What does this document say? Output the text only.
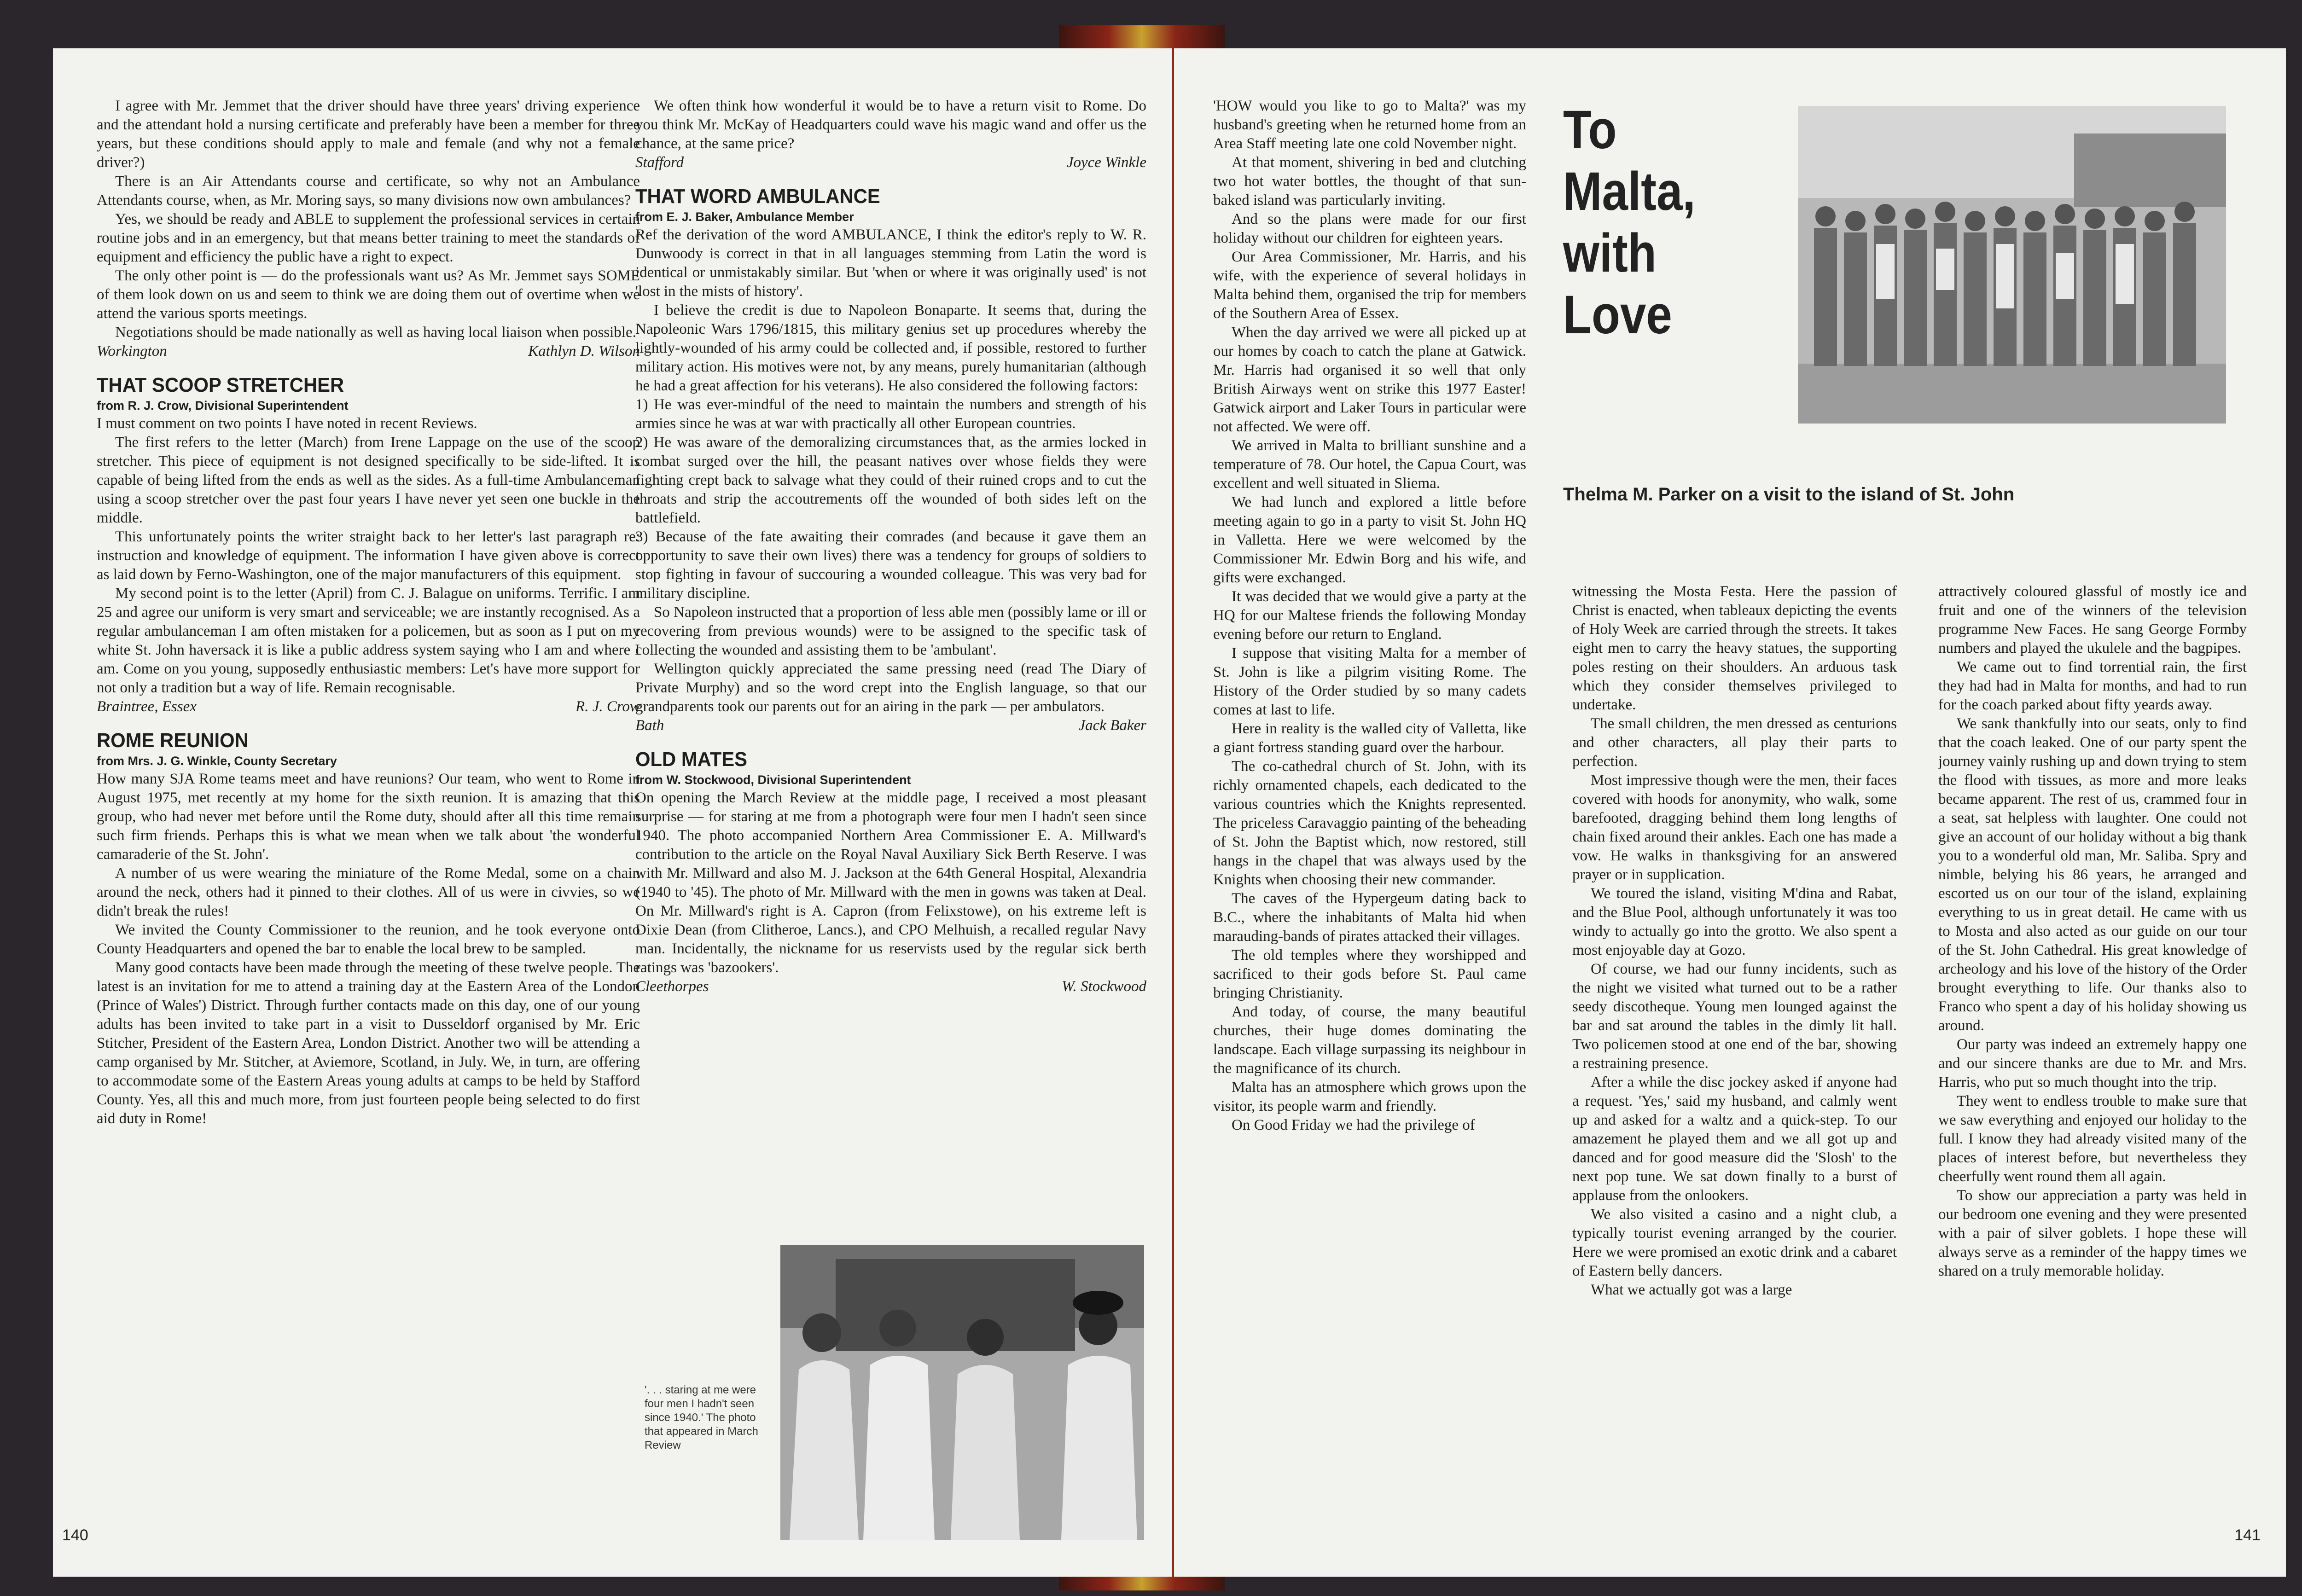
I agree with Mr. Jemmet that the driver should have three years' driving experience and the attendant hold a nursing certificate and preferably have been a member for three years, but these conditions should apply to male and female (and why not a female driver?)

There is an Air Attendants course and certificate, so why not an Ambulance Attendants course, when, as Mr. Moring says, so many divisions now own ambulances?

Yes, we should be ready and ABLE to supplement the professional services in certain routine jobs and in an emergency, but that means better training to meet the standards of equipment and efficiency the public have a right to expect.

The only other point is — do the professionals want us? As Mr. Jemmet says SOME of them look down on us and seem to think we are doing them out of overtime when we attend the various sports meetings.

Negotiations should be made nationally as well as having local liaison when possible.

Workington	Kathlyn D. Wilson
THAT SCOOP STRETCHER
from R. J. Crow, Divisional Superintendent

I must comment on two points I have noted in recent Reviews.

The first refers to the letter (March) from Irene Lappage on the use of the scoop stretcher. This piece of equipment is not designed specifically to be side-lifted. It is capable of being lifted from the ends as well as the sides. As a full-time Ambulanceman using a scoop stretcher over the past four years I have never yet seen one buckle in the middle.

This unfortunately points the writer straight back to her letter's last paragraph re: instruction and knowledge of equipment. The information I have given above is correct as laid down by Ferno-Washington, one of the major manufacturers of this equipment.

My second point is to the letter (April) from C. J. Balague on uniforms. Terrific. I am 25 and agree our uniform is very smart and serviceable; we are instantly recognised. As a regular ambulanceman I am often mistaken for a policemen, but as soon as I put on my white St. John haversack it is like a public address system saying who I am and where I am. Come on you young, supposedly enthusiastic members: Let's have more support for not only a tradition but a way of life. Remain recognisable.

Braintree, Essex	R. J. Crow
ROME REUNION
from Mrs. J. G. Winkle, County Secretary

How many SJA Rome teams meet and have reunions? Our team, who went to Rome in August 1975, met recently at my home for the sixth reunion. It is amazing that this group, who had never met before until the Rome duty, should after all this time remain such firm friends. Perhaps this is what we mean when we talk about 'the wonderful camaraderie of the St. John'.

A number of us were wearing the miniature of the Rome Medal, some on a chain around the neck, others had it pinned to their clothes. All of us were in civvies, so we didn't break the rules!

We invited the County Commissioner to the reunion, and he took everyone onto County Headquarters and opened the bar to enable the local brew to be sampled.

Many good contacts have been made through the meeting of these twelve people. The latest is an invitation for me to attend a training day at the Eastern Area of the London (Prince of Wales') District. Through further contacts made on this day, one of our young adults has been invited to take part in a visit to Dusseldorf organised by Mr. Eric Stitcher, President of the Eastern Area, London District. Another two will be attending a camp organised by Mr. Stitcher, at Aviemore, Scotland, in July. We, in turn, are offering to accommodate some of the Eastern Areas young adults at camps to be held by Stafford County. Yes, all this and much more, from just fourteen people being selected to do first aid duty in Rome!

We often think how wonderful it would be to have a return visit to Rome. Do you think Mr. McKay of Headquarters could wave his magic wand and offer us the chance, at the same price?

Stafford	Joyce Winkle
THAT WORD AMBULANCE
from E. J. Baker, Ambulance Member

Ref the derivation of the word AMBULANCE, I think the editor's reply to W. R. Dunwoody is correct in that in all languages stemming from Latin the word is identical or unmistakably similar. But 'when or where it was originally used' is not 'lost in the mists of history'.

I believe the credit is due to Napoleon Bonaparte. It seems that, during the Napoleonic Wars 1796/1815, this military genius set up procedures whereby the lightly-wounded of his army could be collected and, if possible, restored to further military action. His motives were not, by any means, purely humanitarian (although he had a great affection for his veterans). He also considered the following factors:

1) He was ever-mindful of the need to maintain the numbers and strength of his armies since he was at war with practically all other European countries.

2) He was aware of the demoralizing circumstances that, as the armies locked in combat surged over the hill, the peasant natives over whose fields they were fighting crept back to salvage what they could of their ruined crops and to cut the throats and strip the accoutrements off the wounded of both sides left on the battlefield.

3) Because of the fate awaiting their comrades (and because it gave them an opportunity to save their own lives) there was a tendency for groups of soldiers to stop fighting in favour of succouring a wounded colleague. This was very bad for military discipline.

So Napoleon instructed that a proportion of less able men (possibly lame or ill or recovering from previous wounds) were to be assigned to the specific task of collecting the wounded and assisting them to be 'ambulant'.

Wellington quickly appreciated the same pressing need (read The Diary of Private Murphy) and so the word crept into the English language, so that our grandparents took our parents out for an airing in the park — per ambulators.

Bath	Jack Baker
OLD MATES
from W. Stockwood, Divisional Superintendent

On opening the March Review at the middle page, I received a most pleasant surprise — for staring at me from a photograph were four men I hadn't seen since 1940. The photo accompanied Northern Area Commissioner E. A. Millward's contribution to the article on the Royal Naval Auxiliary Sick Berth Reserve. I was with Mr. Millward and also M. J. Jackson at the 64th General Hospital, Alexandria (1940 to '45). The photo of Mr. Millward with the men in gowns was taken at Deal. On Mr. Millward's right is A. Capron (from Felixstowe), on his extreme left is Dixie Dean (from Clitheroe, Lancs.), and CPO Melhuish, a recalled regular Navy man. Incidentally, the nickname for us reservists used by the regular sick berth ratings was 'bazookers'.

Cleethorpes	W. Stockwood
'. . . staring at me were four men I hadn't seen since 1940.' The photo that appeared in March Review
140

'HOW would you like to go to Malta?' was my husband's greeting when he returned home from an Area Staff meeting late one cold November night.

At that moment, shivering in bed and clutching two hot water bottles, the thought of that sun-baked island was particularly inviting.

And so the plans were made for our first holiday without our children for eighteen years.

Our Area Commissioner, Mr. Harris, and his wife, with the experience of several holidays in Malta behind them, organised the trip for members of the Southern Area of Essex.

When the day arrived we were all picked up at our homes by coach to catch the plane at Gatwick. Mr. Harris had organised it so well that only British Airways went on strike this 1977 Easter! Gatwick airport and Laker Tours in particular were not affected. We were off.

We arrived in Malta to brilliant sunshine and a temperature of 78. Our hotel, the Capua Court, was excellent and well situated in Sliema.

We had lunch and explored a little before meeting again to go in a party to visit St. John HQ in Valletta. Here we were welcomed by the Commissioner Mr. Edwin Borg and his wife, and gifts were exchanged.

It was decided that we would give a party at the HQ for our Maltese friends the following Monday evening before our return to England.

I suppose that visiting Malta for a member of St. John is like a pilgrim visiting Rome. The History of the Order studied by so many cadets comes at last to life.

Here in reality is the walled city of Valletta, like a giant fortress standing guard over the harbour.

The co-cathedral church of St. John, with its richly ornamented chapels, each dedicated to the various countries which the Knights represented. The priceless Caravaggio painting of the beheading of St. John the Baptist which, now restored, still hangs in the chapel that was always used by the Knights when choosing their new commander.

The caves of the Hypergeum dating back to B.C., where the inhabitants of Malta hid when marauding-bands of pirates attacked their villages.

The old temples where they worshipped and sacrificed to their gods before St. Paul came bringing Christianity.

And today, of course, the many beautiful churches, their huge domes dominating the landscape. Each village surpassing its neighbour in the magnificance of its church.

Malta has an atmosphere which grows upon the visitor, its people warm and friendly.

On Good Friday we had the privilege of

witnessing the Mosta Festa. Here the passion of Christ is enacted, when tableaux depicting the events of Holy Week are carried through the streets. It takes eight men to carry the heavy statues, the supporting poles resting on their shoulders. An arduous task which they consider themselves privileged to undertake.

The small children, the men dressed as centurions and other characters, all play their parts to perfection.

Most impressive though were the men, their faces covered with hoods for anonymity, who walk, some barefooted, dragging behind them long lengths of chain fixed around their ankles. Each one has made a vow. He walks in thanksgiving for an answered prayer or in supplication.

We toured the island, visiting M'dina and Rabat, and the Blue Pool, although unfortunately it was too windy to actually go into the grotto. We also spent a most enjoyable day at Gozo.

Of course, we had our funny incidents, such as the night we visited what turned out to be a rather seedy discotheque. Young men lounged against the bar and sat around the tables in the dimly lit hall. Two policemen stood at one end of the bar, showing a restraining presence.

After a while the disc jockey asked if anyone had a request. 'Yes,' said my husband, and calmly went up and asked for a waltz and a quick-step. To our amazement he played them and we all got up and danced and for good measure did the 'Slosh' to the next pop tune. We sat down finally to a burst of applause from the onlookers.

We also visited a casino and a night club, a typically tourist evening arranged by the courier. Here we were promised an exotic drink and a cabaret of Eastern belly dancers.

What we actually got was a large

attractively coloured glassful of mostly ice and fruit and one of the winners of the television programme New Faces. He sang George Formby numbers and played the ukulele and the bagpipes.

We came out to find torrential rain, the first they had had in Malta for months, and had to run for the coach parked about fifty yeards away.

We sank thankfully into our seats, only to find that the coach leaked. One of our party spent the journey vainly rushing up and down trying to stem the flood with tissues, as more and more leaks became apparent. The rest of us, crammed four in a seat, sat helpless with laughter. One could not give an account of our holiday without a big thank you to a wonderful old man, Mr. Saliba. Spry and nimble, belying his 86 years, he arranged and escorted us on our tour of the island, explaining everything to us in great detail. He came with us to Mosta and also acted as our guide on our tour of the St. John Cathedral. His great knowledge of archeology and his love of the history of the Order brought everything to life. Our thanks also to Franco who spent a day of his holiday showing us around.

Our party was indeed an extremely happy one and our sincere thanks are due to Mr. and Mrs. Harris, who put so much thought into the trip.

They went to endless trouble to make sure that we saw everything and enjoyed our holiday to the full. I know they had already visited many of the places of interest before, but nevertheless they cheerfully went round them all again.

To show our appreciation a party was held in our bedroom one evening and they were presented with a pair of silver goblets. I hope these will always serve as a reminder of the happy times we shared on a truly memorable holiday.

141
To
Malta,
with
Love
Thelma M. Parker on a visit to the island of St. John
